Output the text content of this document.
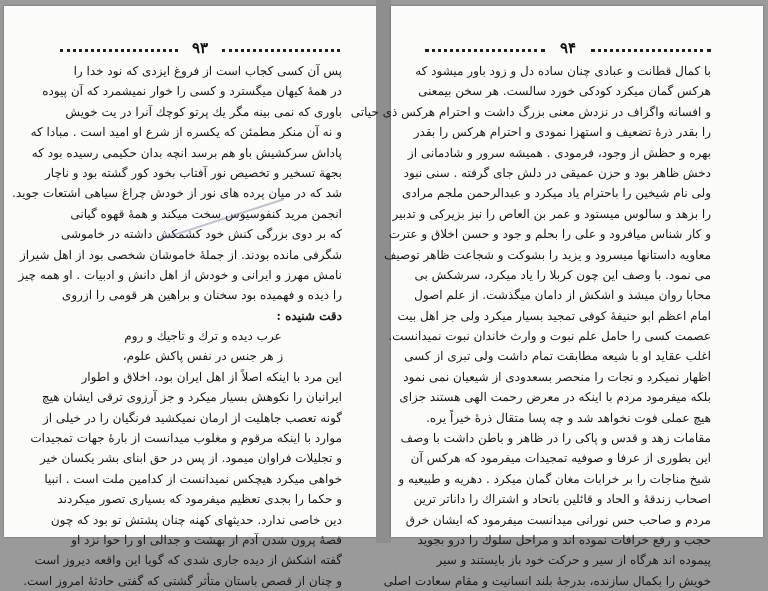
۹۳
پس آن کسی کجاب است از فروغ ایزدی که نود خدا را
در همهٔ کیهان میگسترد و کسی را خوار نمیشمرد که آن پیوده
باوری که نمی بینه مگر یك پرتو کوچك آنرا در یت خویش
و نه آن منکر مطمئن که یکسره از شرع او امید است . مبادا که
پاداش سرکشیش باو هم برسد انچه بدان حکیمی رسیده بود که
بجهة تسخیر و تخصیص نور آفتاب بخود کور گشته بود و ناچار
شد که در میان پرده های نور از خودش چراغ سیاهی اشتعات جوید.
انجمن مرید کنفوسیوس سخت میکند و همهٔ قهوه گیانی
که بر دوی بزرگی کنش خود کشمکش داشته در خاموشی
شگرفی مانده بودند. از جملهٔ خاموشان شخصی بود از اهل شیراز
نامش مهرز و ایرانی و خودش از اهل دانش و ادبیات . او همه چیز
را دیده و فهمیده بود سخنان و براهین هر قومی را ازروی
دقت شنیده :
عرب دیده و ترك و تاجیك و روم
ز هر جنس در نفس پاکش علوم،
این مرد با اینکه اصلاً از اهل ایران بود، اخلاق و اطوار
ایرانیان را نکوهش بسیار میکرد و جز آرزوی ترقی ایشان هیچ
گونه تعصب جاهلیت از ارمان نمیکشید فرنگیان را در خیلی از
موارد با اینکه مرقوم و مغلوب میدانست از بارهٔ جهات تمجیدات
و تجلیلات فراوان میمود. از پس در حق ابنای بشر یکسان خیر
خواهی میکرد هیچکس نمیدانست از کدامین ملت است . انبیا
و حکما را بجدی تعظیم میفرمود که بسیاری تصور میکردند
دین خاصی ندارد. حدیثهای کهنه چنان پشتش تو بود که چون
قصهٔ پرون شدن آدم از بهشت و جدالی او را حوا نزد او
گفته اشکش از دیده جاری شدی که گویا این واقعه دیروز است
و چنان از قصص باستان متأثر گشتی که گفتی حادثهٔ امروز است.
۹۴
با کمال قطانت و عبادی چنان ساده دل و زود باور میشود که
هرکس گمان میکرد کودکی خورد سالست. هر سخن بیمعنی
و افسانه واگزاف در نزدش معنی بزرگ داشت و احترام هرکس ذی حیاتی
را بقدر ذرهٔ تضعیف و استهزا نمودی و احترام هرکس را بقدر
بهره و حظش از وجود، فرمودی . همیشه سرور و شادمانی از
دخش ظاهر بود و حزن عمیقی در دلش جای گرفته . سنی نبود
ولی نام شیخین را باحترام یاد میکرد و عبدالرحمن ملجم مرادی
را بزهد و سالوس میستود و عمر بن العاص را نیز بزیرکی و تدبیر
و کار شناس میافرود و علی را بحلم و جود و حسن اخلاق و عترت
معاویه داستانها میسرود و یزید را بشوکت و شجاعت ظاهر توصیف
می نمود. با وصف این چون کربلا را یاد میکرد، سرشکش بی
محابا روان میشد و اشکش از دامان میگذشت. از علم اصول
امام اعظم ابو حنیفهٔ کوفی تمجید بسیار میکرد ولی جز اهل بیت
عصمت کسی را حامل علم نبوت و وارث خاندان نبوت نمیدانست.
اغلب عقاید او با شیعه مطابقت تمام داشت ولی تبری از کسی
اظهار نمیکرد و نجات را منحصر بسعدودی از شیعیان نمی نمود
بلکه میفرمود مردم با اینکه در معرض رحمت الهی هستند جزای
هیچ عملی فوت نخواهد شد و چه پسا متقال ذرهٔ خیراً یره.
مقامات زهد و قدس و پاکی را در ظاهر و باطن داشت با وصف
این بطوری از عرفا و صوفیه تمجیدات میفرمود که هرکس آن
شیخ مناجات را بر خرابات مغان گمان میکرد . دهریه و طبیعیه و
اصحاب زندقهٔ و الحاد و قائلین باتحاد و اشتراك را داناتر ترین
مردم و صاحب حس نورانی میدانست میفرمود که ایشان خرق
حجب و رفع خرافات نموده اند و مراحل سلوك را درو بجوید
پیموده اند هرگاه از سیر و حرکت خود باز بایستند و سیر
خویش را بکمال سازنده، بدرجهٔ بلند انسانیت و مقام سعادت اصلی
